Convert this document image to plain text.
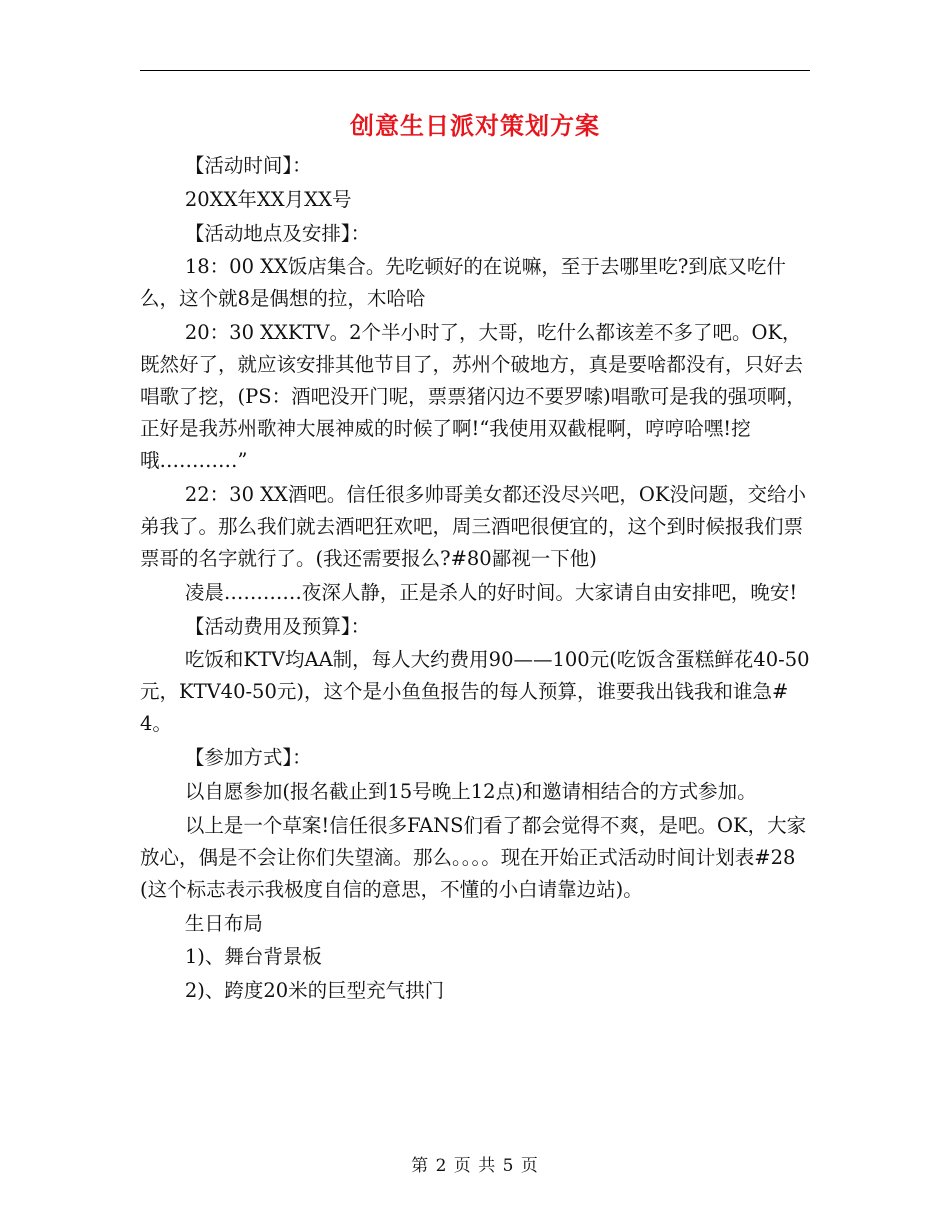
创意生日派对策划方案

【活动时间】：

20XX年XX月XX号

【活动地点及安排】：

18：00 XX饭店集合。先吃顿好的在说嘛，至于去哪里吃?到底又吃什么，这个就8是偶想的拉，木哈哈

20：30 XXKTV。2个半小时了，大哥，吃什么都该差不多了吧。OK，既然好了，就应该安排其他节目了，苏州个破地方，真是要啥都没有，只好去唱歌了挖，(PS：酒吧没开门呢，票票猪闪边不要罗嗦)唱歌可是我的强项啊，正好是我苏州歌神大展神威的时候了啊!“我使用双截棍啊，哼哼哈嘿!挖哦…………”

22：30 XX酒吧。信任很多帅哥美女都还没尽兴吧，OK没问题，交给小弟我了。那么我们就去酒吧狂欢吧，周三酒吧很便宜的，这个到时候报我们票票哥的名字就行了。(我还需要报么?#80鄙视一下他)

凌晨…………夜深人静，正是杀人的好时间。大家请自由安排吧，晚安!

【活动费用及预算】：

吃饭和KTV均AA制，每人大约费用90——100元(吃饭含蛋糕鲜花40-50元，KTV40-50元)，这个是小鱼鱼报告的每人预算，谁要我出钱我和谁急#4。

【参加方式】：

以自愿参加(报名截止到15号晚上12点)和邀请相结合的方式参加。

以上是一个草案!信任很多FANS们看了都会觉得不爽，是吧。OK，大家放心，偶是不会让你们失望滴。那么。。。。现在开始正式活动时间计划表#28(这个标志表示我极度自信的意思，不懂的小白请靠边站)。

生日布局

1)、舞台背景板

2)、跨度20米的巨型充气拱门

第 2 页 共 5 页
